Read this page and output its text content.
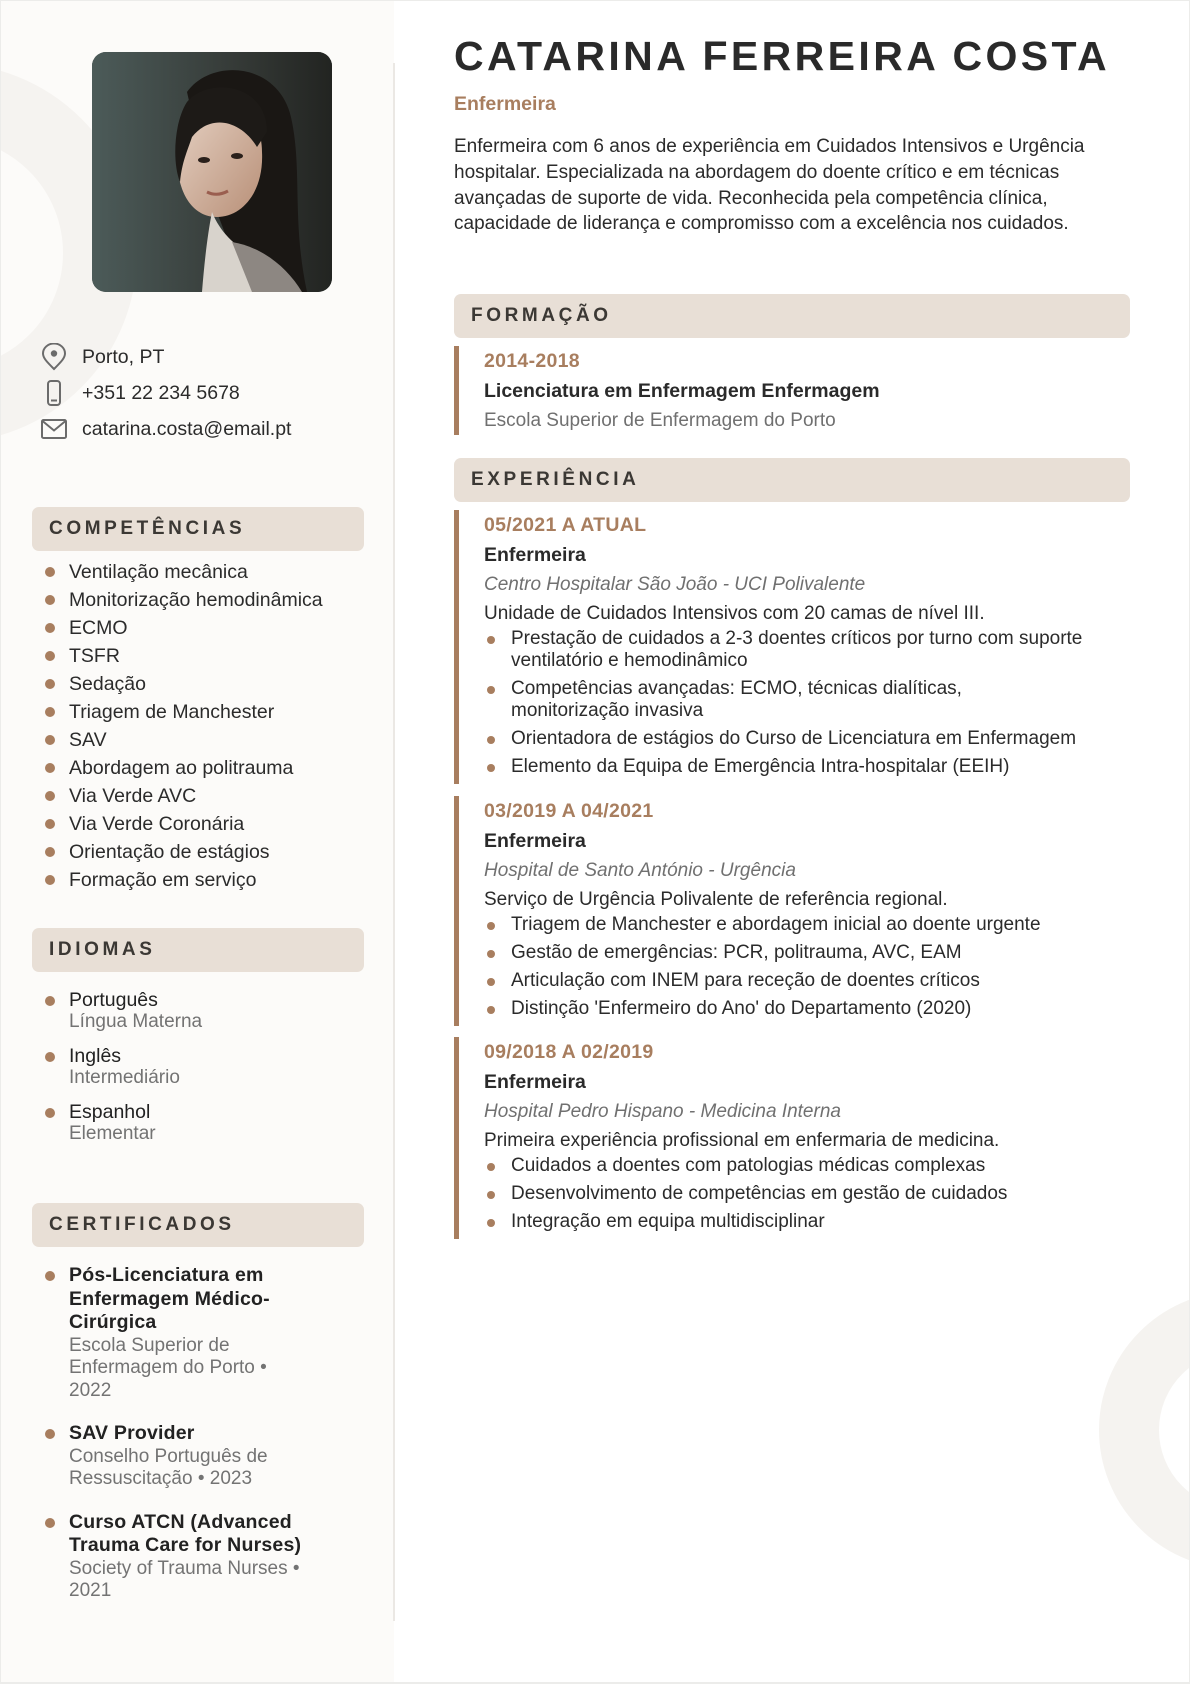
Porto, PT
+351 22 234 5678
catarina.costa@email.pt
COMPETÊNCIAS
Ventilação mecânica
Monitorização hemodinâmica
ECMO
TSFR
Sedação
Triagem de Manchester
SAV
Abordagem ao politrauma
Via Verde AVC
Via Verde Coronária
Orientação de estágios
Formação em serviço
IDIOMAS
Português
Língua Materna
Inglês
Intermediário
Espanhol
Elementar
CERTIFICADOS
Pós-Licenciatura em Enfermagem Médico-Cirúrgica
Escola Superior de Enfermagem do Porto • 2022
SAV Provider
Conselho Português de Ressuscitação • 2023
Curso ATCN (Advanced Trauma Care for Nurses)
Society of Trauma Nurses • 2021
CATARINA FERREIRA COSTA
Enfermeira

Enfermeira com 6 anos de experiência em Cuidados Intensivos e Urgência hospitalar. Especializada na abordagem do doente crítico e em técnicas avançadas de suporte de vida. Reconhecida pela competência clínica, capacidade de liderança e compromisso com a excelência nos cuidados.

FORMAÇÃO
2014-2018
Licenciatura em Enfermagem Enfermagem
Escola Superior de Enfermagem do Porto
EXPERIÊNCIA
05/2021 A ATUAL
Enfermeira
Centro Hospitalar São João - UCI Polivalente
Unidade de Cuidados Intensivos com 20 camas de nível III.
Prestação de cuidados a 2-3 doentes críticos por turno com suporte ventilatório e hemodinâmico
Competências avançadas: ECMO, técnicas dialíticas, monitorização invasiva
Orientadora de estágios do Curso de Licenciatura em Enfermagem
Elemento da Equipa de Emergência Intra-hospitalar (EEIH)
03/2019 A 04/2021
Enfermeira
Hospital de Santo António - Urgência
Serviço de Urgência Polivalente de referência regional.
Triagem de Manchester e abordagem inicial ao doente urgente
Gestão de emergências: PCR, politrauma, AVC, EAM
Articulação com INEM para receção de doentes críticos
Distinção 'Enfermeiro do Ano' do Departamento (2020)
09/2018 A 02/2019
Enfermeira
Hospital Pedro Hispano - Medicina Interna
Primeira experiência profissional em enfermaria de medicina.
Cuidados a doentes com patologias médicas complexas
Desenvolvimento de competências em gestão de cuidados
Integração em equipa multidisciplinar
